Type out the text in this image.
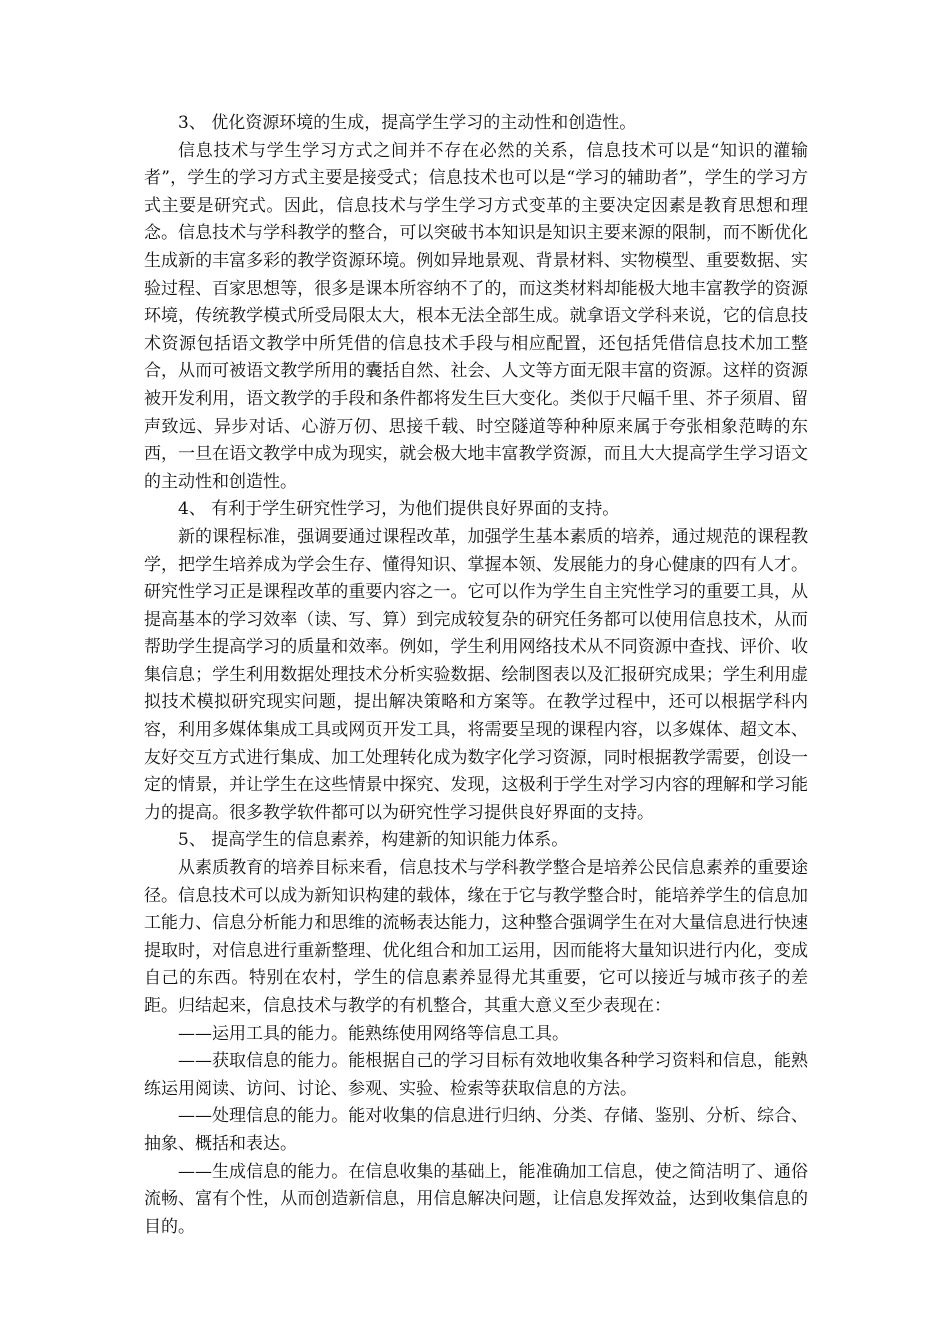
3、 优化资源环境的生成，提高学生学习的主动性和创造性。

信息技术与学生学习方式之间并不存在必然的关系，信息技术可以是“知识的灌输者”，学生的学习方式主要是接受式；信息技术也可以是“学习的辅助者”，学生的学习方式主要是研究式。因此，信息技术与学生学习方式变革的主要决定因素是教育思想和理念。信息技术与学科教学的整合，可以突破书本知识是知识主要来源的限制，而不断优化生成新的丰富多彩的教学资源环境。例如异地景观、背景材料、实物模型、重要数据、实验过程、百家思想等，很多是课本所容纳不了的，而这类材料却能极大地丰富教学的资源环境，传统教学模式所受局限太大，根本无法全部生成。就拿语文学科来说，它的信息技术资源包括语文教学中所凭借的信息技术手段与相应配置，还包括凭借信息技术加工整合，从而可被语文教学所用的囊括自然、社会、人文等方面无限丰富的资源。这样的资源被开发利用，语文教学的手段和条件都将发生巨大变化。类似于尺幅千里、芥子须眉、留声致远、异步对话、心游万仞、思接千载、时空隧道等种种原来属于夸张相象范畴的东西，一旦在语文教学中成为现实，就会极大地丰富教学资源，而且大大提高学生学习语文的主动性和创造性。

4、 有利于学生研究性学习，为他们提供良好界面的支持。

新的课程标准，强调要通过课程改革，加强学生基本素质的培养，通过规范的课程教学，把学生培养成为学会生存、懂得知识、掌握本领、发展能力的身心健康的四有人才。研究性学习正是课程改革的重要内容之一。它可以作为学生自主究性学习的重要工具，从提高基本的学习效率（读、写、算）到完成较复杂的研究任务都可以使用信息技术，从而帮助学生提高学习的质量和效率。例如，学生利用网络技术从不同资源中查找、评价、收集信息；学生利用数据处理技术分析实验数据、绘制图表以及汇报研究成果；学生利用虚拟技术模拟研究现实问题，提出解决策略和方案等。在教学过程中，还可以根据学科内容，利用多媒体集成工具或网页开发工具，将需要呈现的课程内容，以多媒体、超文本、友好交互方式进行集成、加工处理转化成为数字化学习资源，同时根据教学需要，创设一定的情景，并让学生在这些情景中探究、发现，这极利于学生对学习内容的理解和学习能力的提高。很多教学软件都可以为研究性学习提供良好界面的支持。

5、 提高学生的信息素养，构建新的知识能力体系。

从素质教育的培养目标来看，信息技术与学科教学整合是培养公民信息素养的重要途径。信息技术可以成为新知识构建的载体，缘在于它与教学整合时，能培养学生的信息加工能力、信息分析能力和思维的流畅表达能力，这种整合强调学生在对大量信息进行快速提取时，对信息进行重新整理、优化组合和加工运用，因而能将大量知识进行内化，变成自己的东西。特别在农村，学生的信息素养显得尤其重要，它可以接近与城市孩子的差距。归结起来，信息技术与教学的有机整合，其重大意义至少表现在：

——运用工具的能力。能熟练使用网络等信息工具。

——获取信息的能力。能根据自己的学习目标有效地收集各种学习资料和信息，能熟练运用阅读、访问、讨论、参观、实验、检索等获取信息的方法。

——处理信息的能力。能对收集的信息进行归纳、分类、存储、鉴别、分析、综合、抽象、概括和表达。

——生成信息的能力。在信息收集的基础上，能准确加工信息，使之简洁明了、通俗流畅、富有个性，从而创造新信息，用信息解决问题，让信息发挥效益，达到收集信息的目的。
